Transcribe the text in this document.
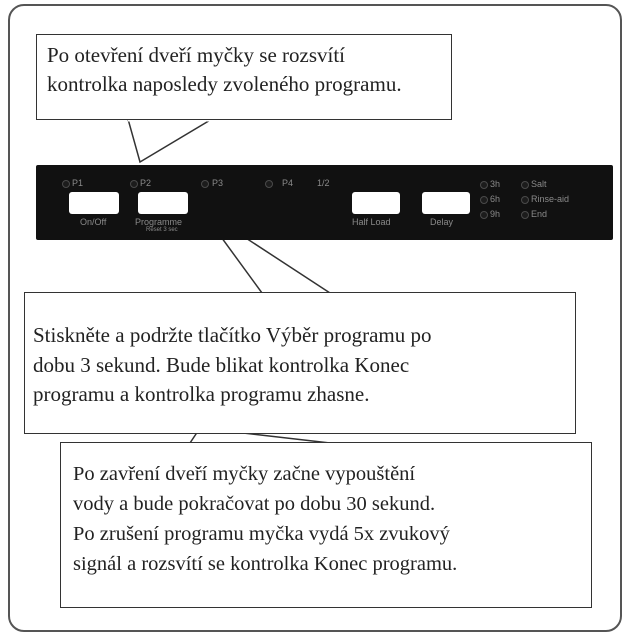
Po otevření dveří myčky se rozsvítí

kontrolka naposledy zvoleného programu.

P1	P2	P3	P4	1/2
On/Off	Programme
Reset 3 sec
Half Load	Delay
3h
6h
9h
Salt
Rinse-aid
End

Stiskněte a podržte tlačítko Výběr programu po

dobu 3 sekund. Bude blikat kontrolka Konec

programu a kontrolka programu zhasne.

Po zavření dveří myčky začne vypouštění

vody a bude pokračovat po dobu 30 sekund.

Po zrušení programu myčka vydá 5x zvukový

signál a rozsvítí se kontrolka Konec programu.
